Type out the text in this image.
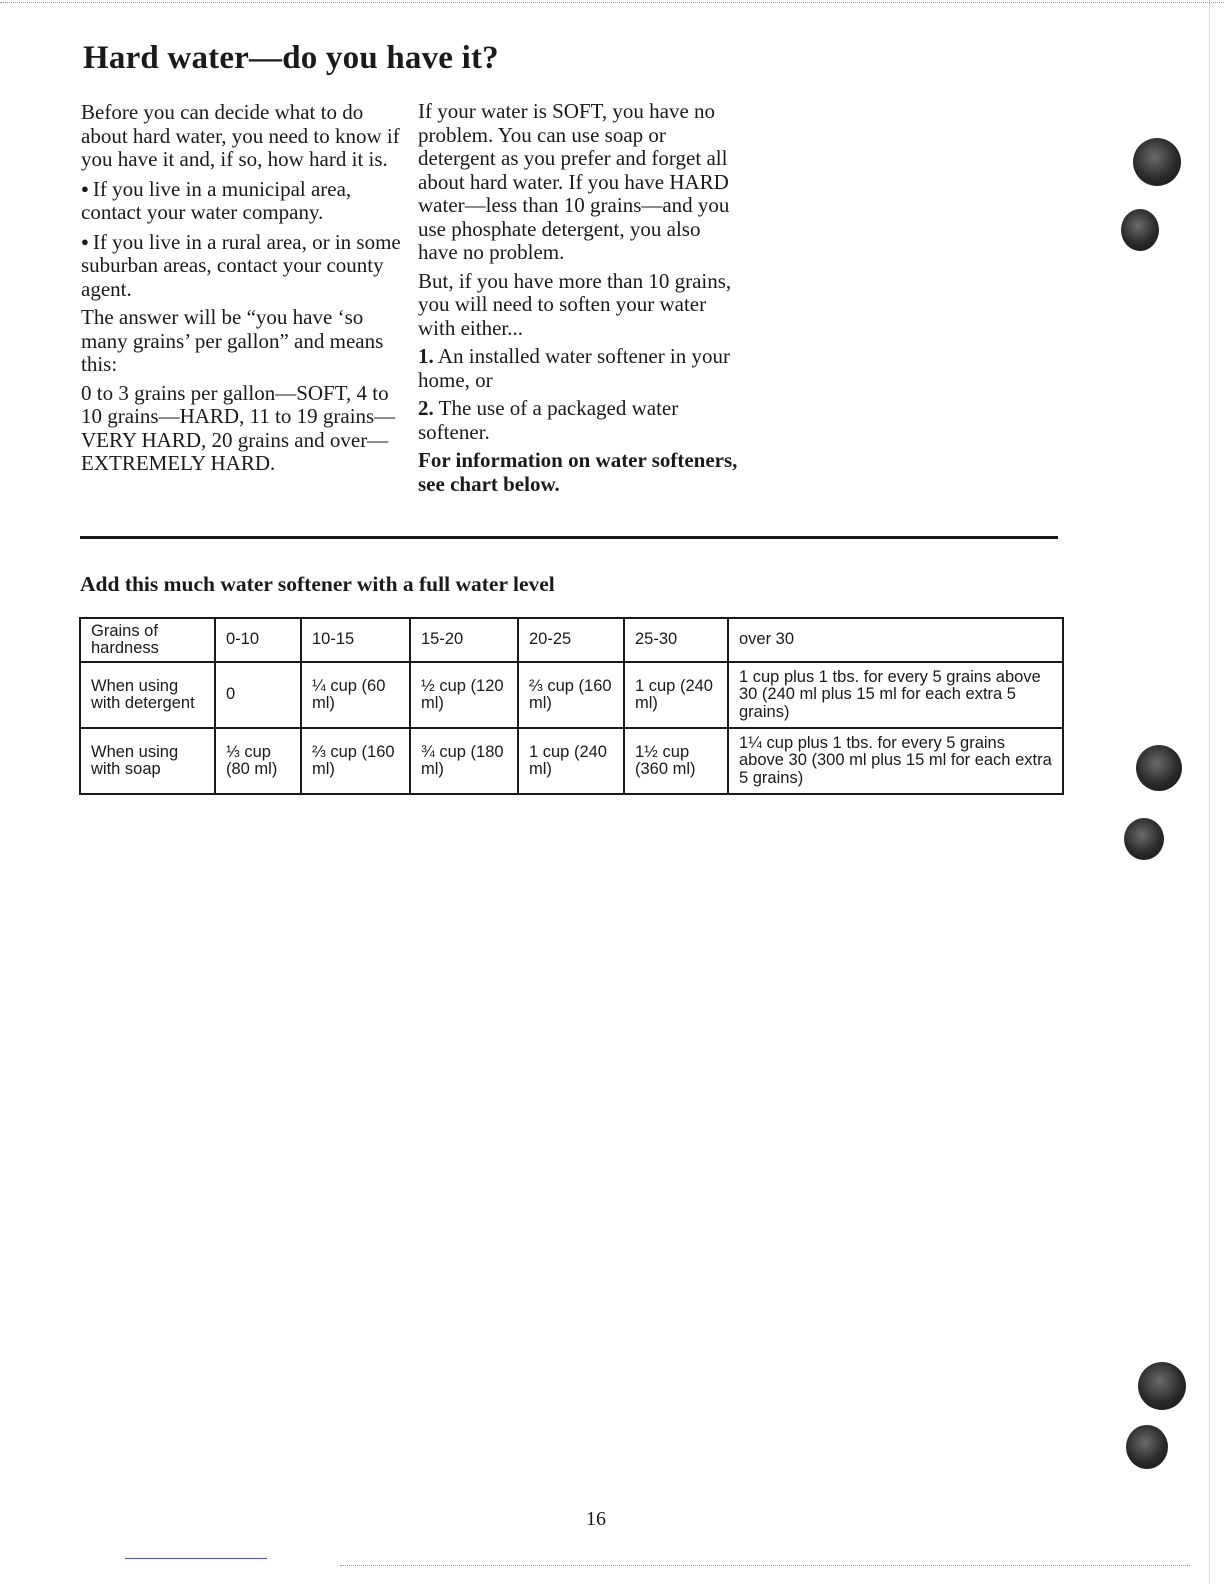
Hard water—do you have it?

Before you can decide what to do about hard water, you need to know if you have it and, if so, how hard it is.

● If you live in a municipal area, contact your water company.

● If you live in a rural area, or in some suburban areas, contact your county agent.

The answer will be “you have ‘so many grains’ per gallon” and means this:

0 to 3 grains per gallon—SOFT, 4 to 10 grains—HARD, 11 to 19 grains—VERY HARD, 20 grains and over—EXTREMELY HARD.

If your water is SOFT, you have no problem. You can use soap or detergent as you prefer and forget all about hard water. If you have HARD water—less than 10 grains—and you use phosphate detergent, you also have no problem.

But, if you have more than 10 grains, you will need to soften your water with either...

1. An installed water softener in your home, or

2. The use of a packaged water softener.

For information on water softeners, see chart below.

Add this much water softener with a full water level
Grains of hardness	0-10	10-15	15-20	20-25	25-30	over 30
When using with detergent	0	¼ cup (60 ml)	½ cup (120 ml)	⅔ cup (160 ml)	1 cup (240 ml)	1 cup plus 1 tbs. for every 5 grains above 30 (240 ml plus 15 ml for each extra 5 grains)
When using with soap	⅓ cup (80 ml)	⅔ cup (160 ml)	¾ cup (180 ml)	1 cup (240 ml)	1½ cup (360 ml)	1¼ cup plus 1 tbs. for every 5 grains above 30 (300 ml plus 15 ml for each extra 5 grains)
16
